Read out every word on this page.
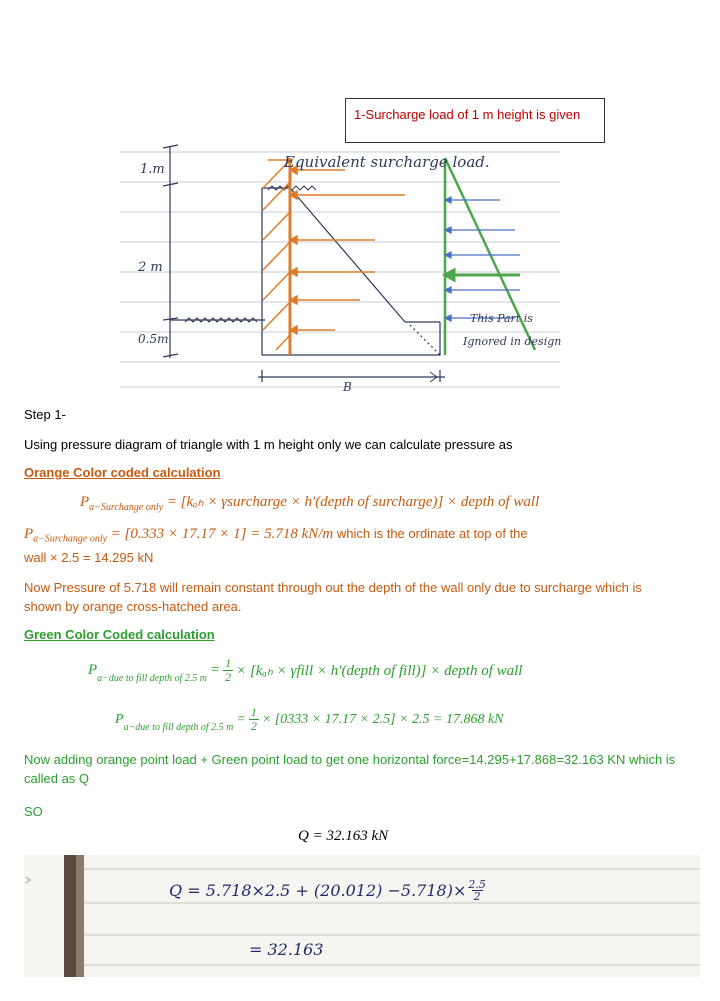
1-Surcharge load of 1 m height is given
1.m
2 m
0.5m
Equivalent surcharge load.
B
This Part is
Ignored in design
Step 1-
Using pressure diagram of triangle with 1 m height only we can calculate pressure as
Orange Color coded calculation
$P_{a-Surchange only} = [k_{ah}$ × γsurcharge × h′(depth of surcharge)] × depth of wall
$P_{a-Surchange only} = [0.333 \times 17.17 \times 1] = 5.718$ kN/m which is the ordinate at top of the
wall × 2.5 = 14.295 kN
Now Pressure of 5.718 will remain constant through out the depth of the wall only due to surcharge which is shown by orange cross-hatched area.
Green Color Coded calculation
P
$_{a-due to fill depth of 2.5 m}$
= $\frac{1}{2} \times [k_{ah}$ × γfill × h′(depth of fill)] × depth of wall
P
$_{a-due to fill depth of 2.5 m}$
= $\frac{1}{2} \times [0333 \times 17.17 \times 2.5] \times 2.5 = 17.868$ kN
Now adding orange point load + Green point load to get one horizontal force=14.295+17.868=32.163 KN which is called as Q
SO
Q = 32.163 kN
$Q = 5.718\times 2.5 + (20.012) -5.718)\times \frac{2.5}{2}$
= 32.163
